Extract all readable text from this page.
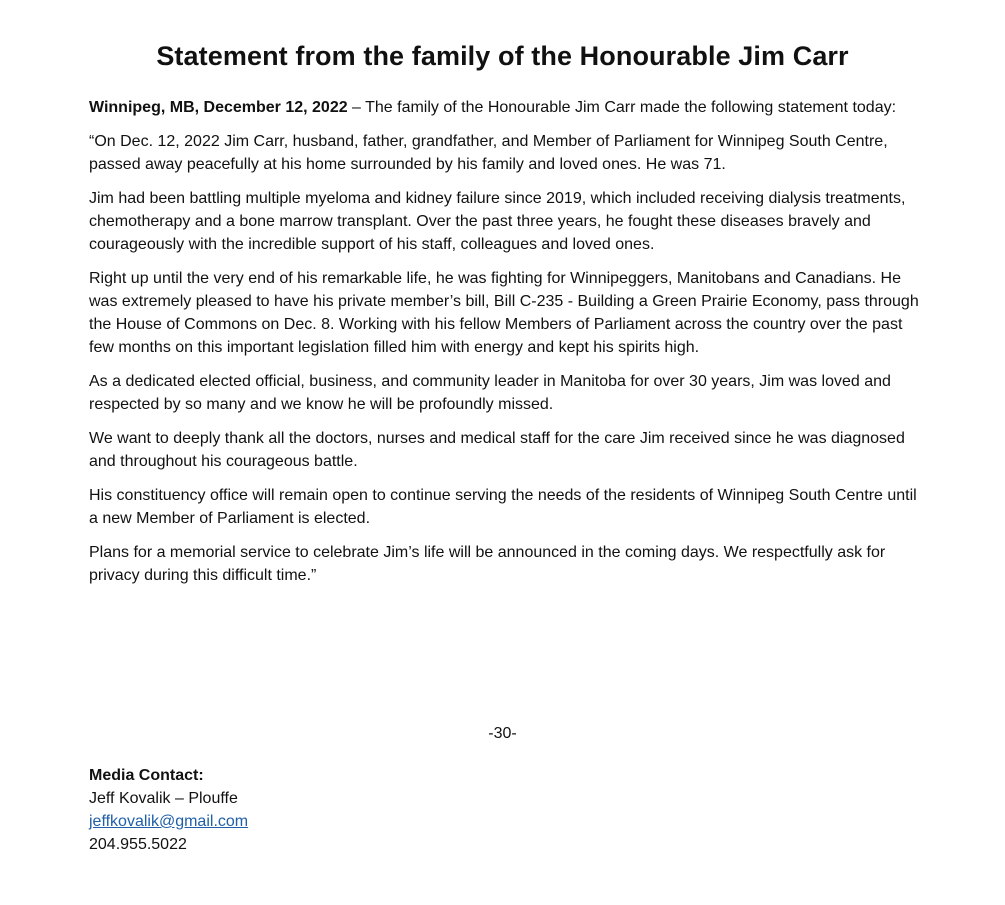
Statement from the family of the Honourable Jim Carr

Winnipeg, MB, December 12, 2022 – The family of the Honourable Jim Carr made the following statement today:

“On Dec. 12, 2022 Jim Carr, husband, father, grandfather, and Member of Parliament for Winnipeg South Centre, passed away peacefully at his home surrounded by his family and loved ones. He was 71.

Jim had been battling multiple myeloma and kidney failure since 2019, which included receiving dialysis treatments, chemotherapy and a bone marrow transplant. Over the past three years, he fought these diseases bravely and courageously with the incredible support of his staff, colleagues and loved ones.

Right up until the very end of his remarkable life, he was fighting for Winnipeggers, Manitobans and Canadians. He was extremely pleased to have his private member’s bill, Bill C-235 - Building a Green Prairie Economy, pass through the House of Commons on Dec. 8. Working with his fellow Members of Parliament across the country over the past few months on this important legislation filled him with energy and kept his spirits high.

As a dedicated elected official, business, and community leader in Manitoba for over 30 years, Jim was loved and respected by so many and we know he will be profoundly missed.

We want to deeply thank all the doctors, nurses and medical staff for the care Jim received since he was diagnosed and throughout his courageous battle.

His constituency office will remain open to continue serving the needs of the residents of Winnipeg South Centre until a new Member of Parliament is elected.

Plans for a memorial service to celebrate Jim’s life will be announced in the coming days. We respectfully ask for privacy during this difficult time.”

-30-
Media Contact:
Jeff Kovalik – Plouffe
jeffkovalik@gmail.com
204.955.5022
